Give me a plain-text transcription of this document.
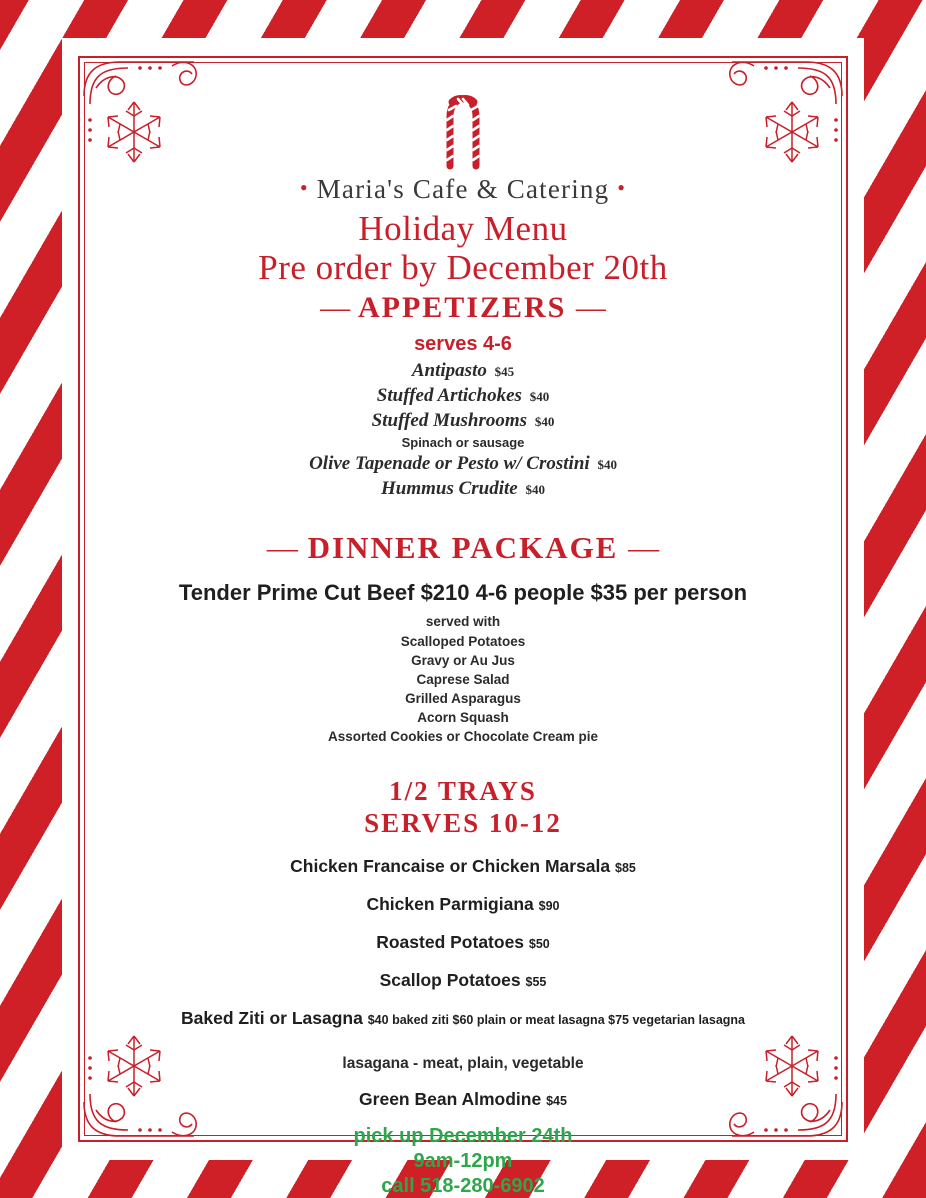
• Maria's Cafe & Catering •
Holiday Menu
Pre order by December 20th
— APPETIZERS —
serves 4-6
Antipasto $45
Stuffed Artichokes $40
Stuffed Mushrooms $40
Spinach or sausage
Olive Tapenade or Pesto w/ Crostini $40
Hummus Crudite $40
— DINNER PACKAGE —
Tender Prime Cut Beef $210 4-6 people $35 per person
served with
Scalloped Potatoes
Gravy or Au Jus
Caprese Salad
Grilled Asparagus
Acorn Squash
Assorted Cookies or Chocolate Cream pie
1/2 TRAYS
SERVES 10-12
Chicken Francaise or Chicken Marsala $85
Chicken Parmigiana $90
Roasted Potatoes $50
Scallop Potatoes $55
Baked Ziti or Lasagna $40 baked ziti $60 plain or meat lasagna $75 vegetarian lasagna
lasagana - meat, plain, vegetable
Green Bean Almodine $45
pick up December 24th
9am-12pm
call 518-280-6902
